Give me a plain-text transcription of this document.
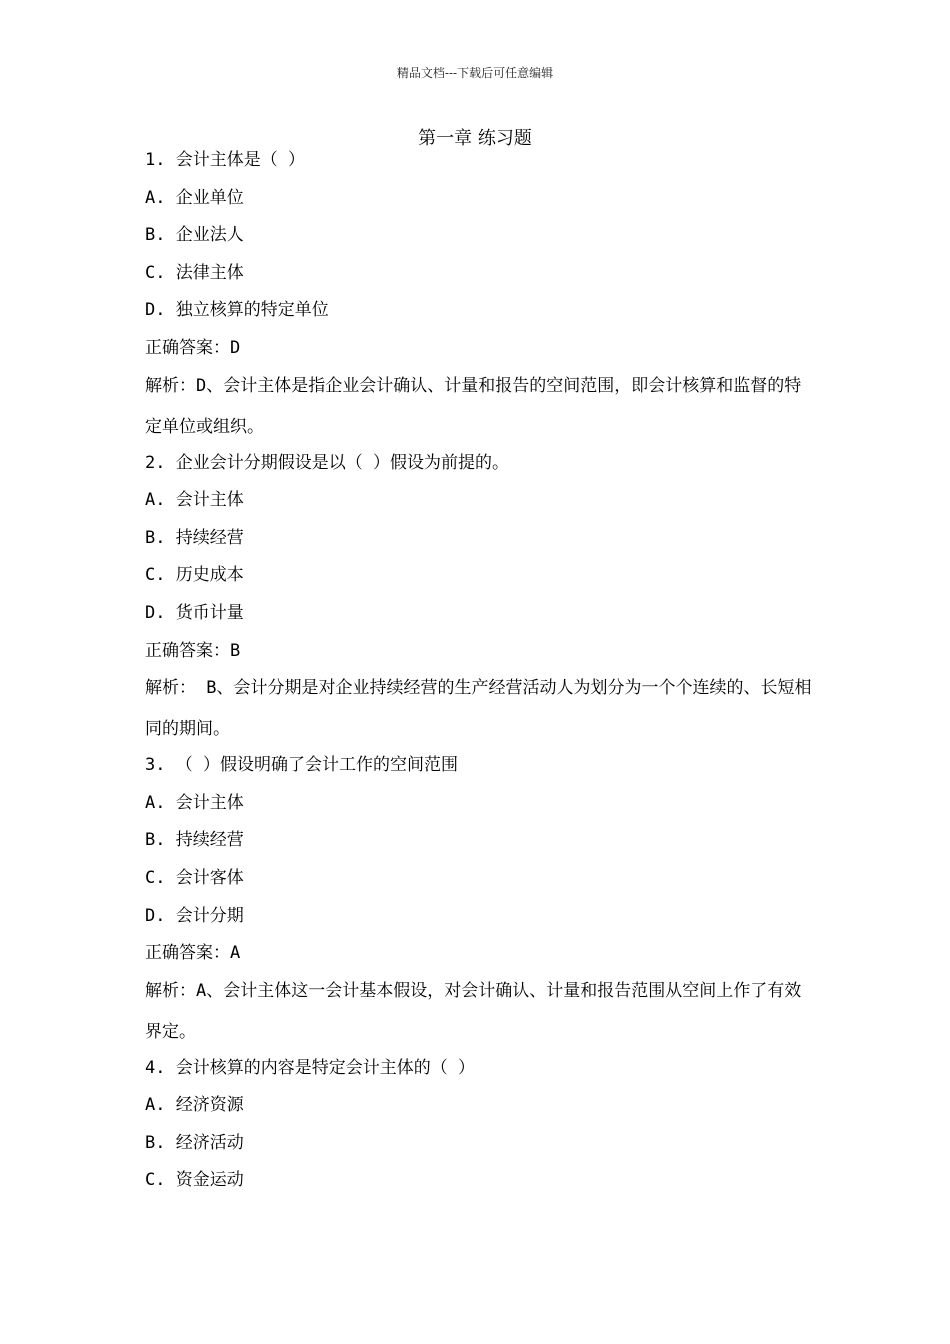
精品文档---下载后可任意编辑
第一章 练习题
1. 会计主体是（ ）
A. 企业单位
B. 企业法人
C. 法律主体
D. 独立核算的特定单位
正确答案：D
解析：D、会计主体是指企业会计确认、计量和报告的空间范围，即会计核算和监督的特定单位或组织。
2. 企业会计分期假设是以（ ）假设为前提的。
A. 会计主体
B. 持续经营
C. 历史成本
D. 货币计量
正确答案：B
解析： B、会计分期是对企业持续经营的生产经营活动人为划分为一个个连续的、长短相同的期间。
3. （ ）假设明确了会计工作的空间范围
A. 会计主体
B. 持续经营
C. 会计客体
D. 会计分期
正确答案：A
解析：A、会计主体这一会计基本假设，对会计确认、计量和报告范围从空间上作了有效界定。
4. 会计核算的内容是特定会计主体的（ ）
A. 经济资源
B. 经济活动
C. 资金运动
